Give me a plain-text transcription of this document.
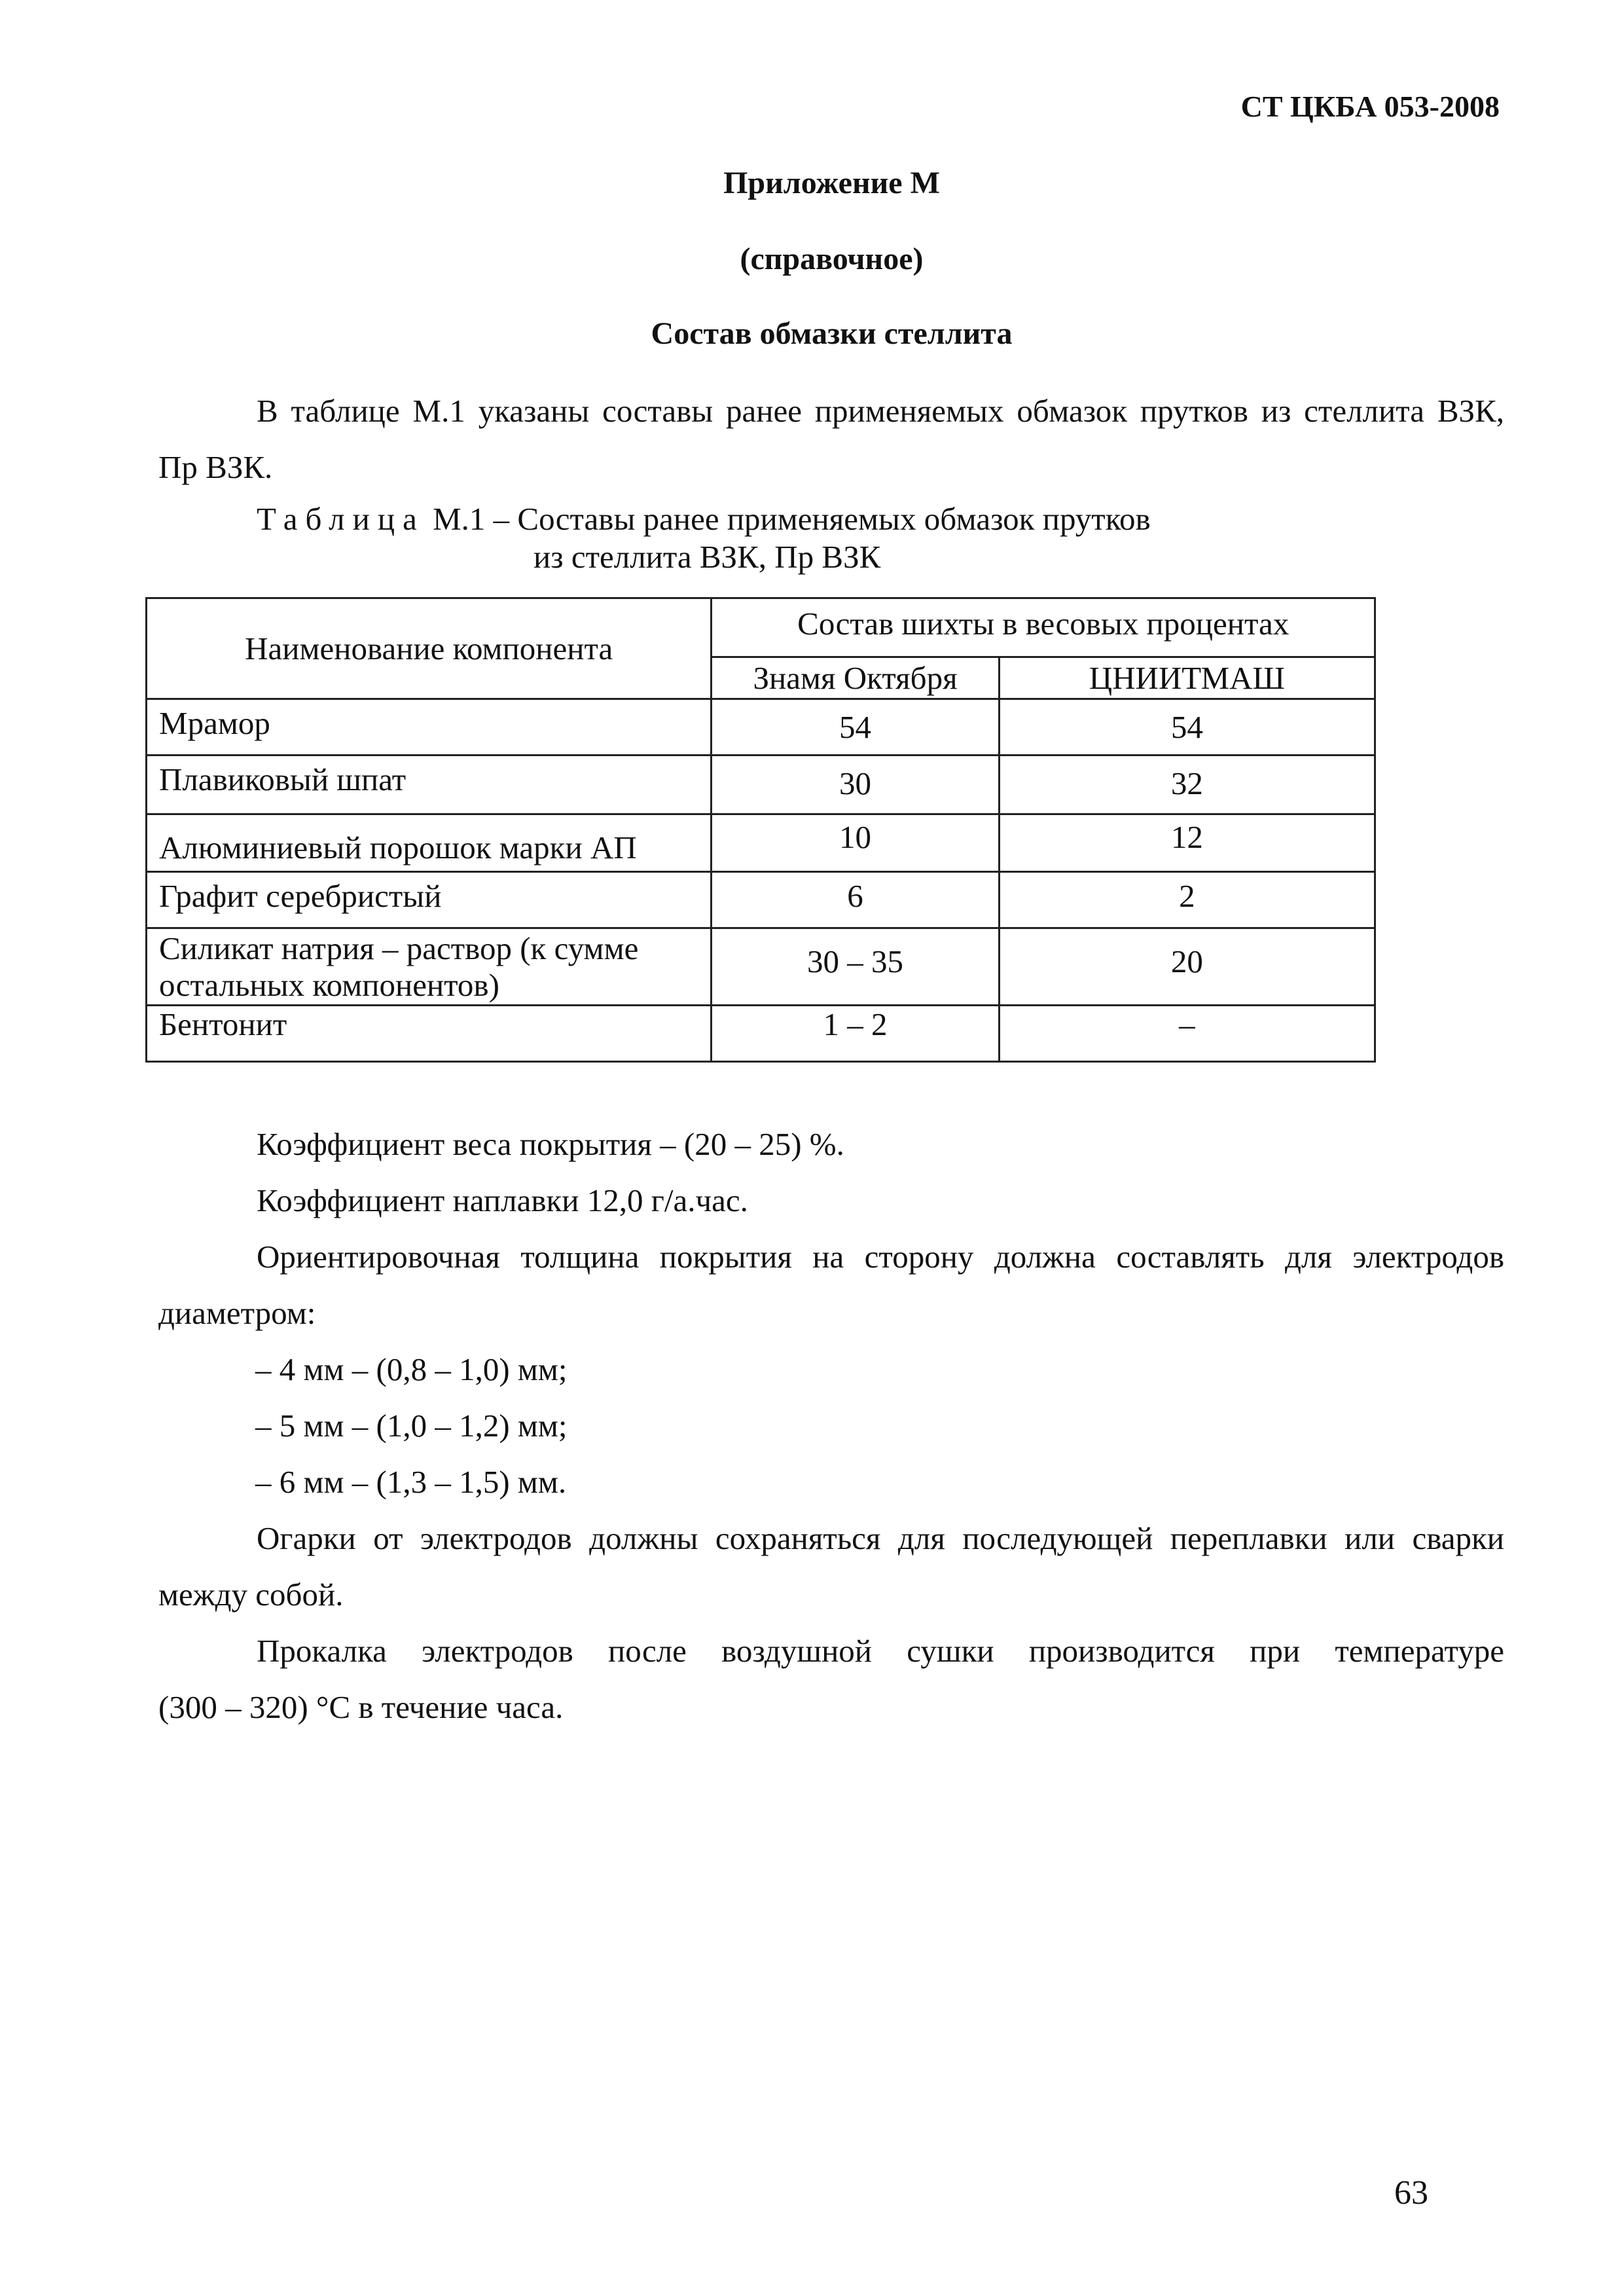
СТ ЦКБА 053-2008
Приложение М
(справочное)
Состав обмазки стеллита
В таблице М.1 указаны составы ранее применяемых обмазок прутков из стеллита ВЗК,
Пр ВЗК.
Таблица М.1 – Составы ранее применяемых обмазок прутков
из стеллита ВЗК, Пр ВЗК
Наименование компонента	Состав шихты в весовых процентах	
	Знамя Октября	ЦНИИТМАШ
Мрамор	54	54
Плавиковый шпат	30	32
Алюминиевый порошок марки АП	10	12
Графит серебристый	6	2

Силикат натрия – раствор (к сумме
остальных компонентов)	30 – 35	20
Бентонит	1 – 2	–
Коэффициент веса покрытия – (20 – 25) %.
Коэффициент наплавки 12,0 г/а.час.
Ориентировочная толщина покрытия на сторону должна составлять для электродов
диаметром:
– 4 мм – (0,8 – 1,0) мм;
– 5 мм – (1,0 – 1,2) мм;
– 6 мм – (1,3 – 1,5) мм.
Огарки от электродов должны сохраняться для последующей переплавки или сварки
между собой.
Прокалка электродов после воздушной сушки производится при температуре
(300 – 320) °С в течение часа.
63
